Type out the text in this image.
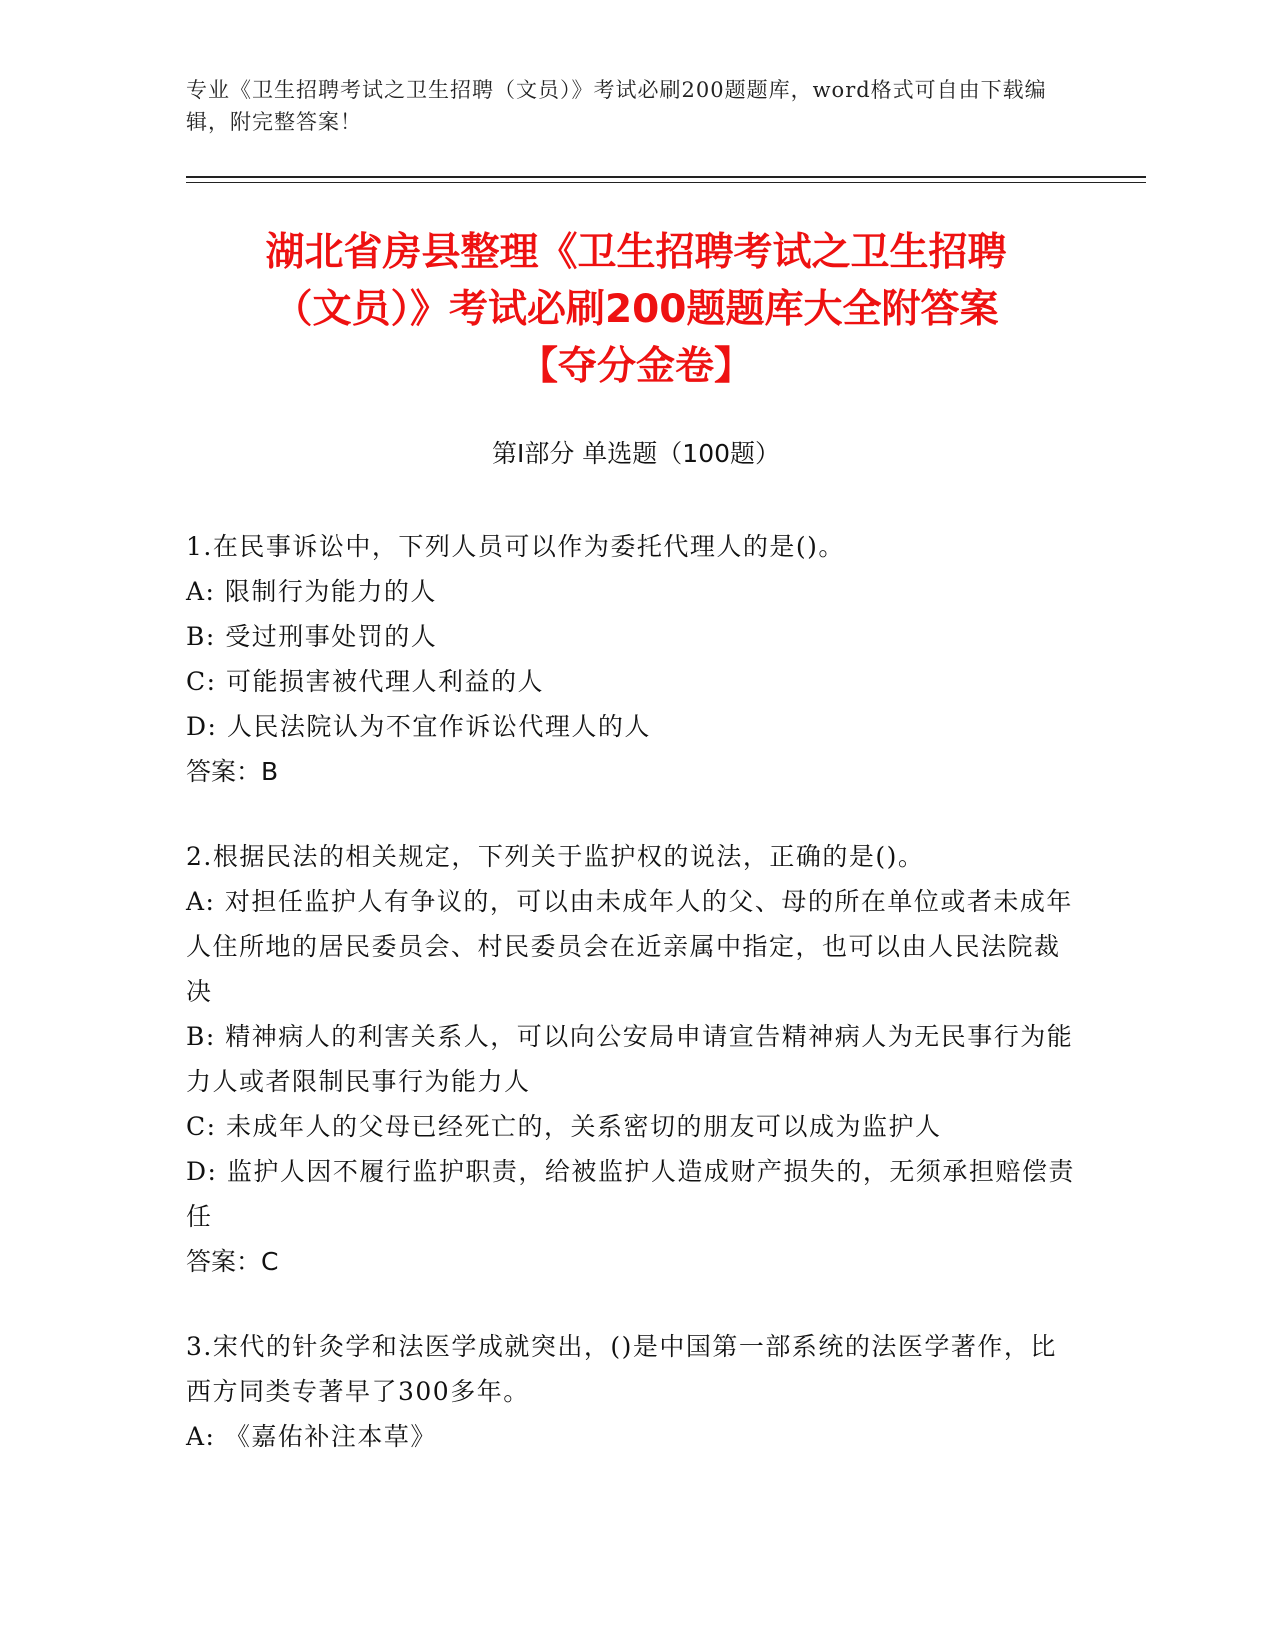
专业《卫生招聘考试之卫生招聘（文员）》考试必刷200题题库，word格式可自由下载编辑，附完整答案！
湖北省房县整理《卫生招聘考试之卫生招聘
（文员）》考试必刷200题题库大全附答案
【夺分金卷】
第Ⅰ部分 单选题（100题）

1.在民事诉讼中，下列人员可以作为委托代理人的是()。

A: 限制行为能力的人

B: 受过刑事处罚的人

C: 可能损害被代理人利益的人

D: 人民法院认为不宜作诉讼代理人的人

答案：B

2.根据民法的相关规定，下列关于监护权的说法，正确的是()。

A: 对担任监护人有争议的，可以由未成年人的父、母的所在单位或者未成年人住所地的居民委员会、村民委员会在近亲属中指定，也可以由人民法院裁决

B: 精神病人的利害关系人，可以向公安局申请宣告精神病人为无民事行为能力人或者限制民事行为能力人

C: 未成年人的父母已经死亡的，关系密切的朋友可以成为监护人

D: 监护人因不履行监护职责，给被监护人造成财产损失的，无须承担赔偿责任

答案：C

3.宋代的针灸学和法医学成就突出，()是中国第一部系统的法医学著作，比西方同类专著早了300多年。

A: 《嘉佑补注本草》
